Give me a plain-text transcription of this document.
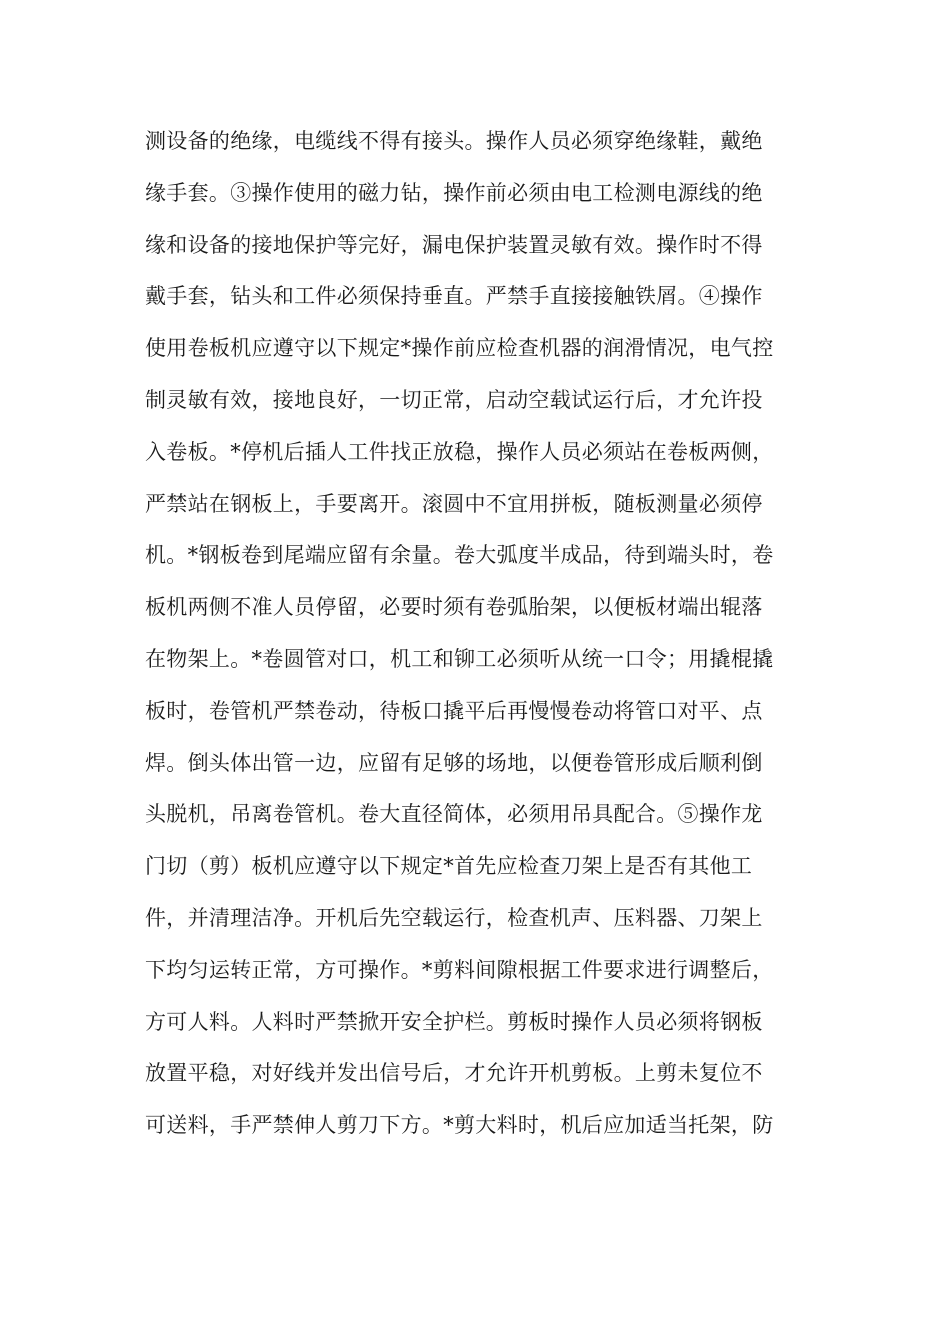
测设备的绝缘，电缆线不得有接头。操作人员必须穿绝缘鞋，戴绝
缘手套。③操作使用的磁力钻，操作前必须由电工检测电源线的绝
缘和设备的接地保护等完好，漏电保护装置灵敏有效。操作时不得
戴手套，钻头和工件必须保持垂直。严禁手直接接触铁屑。④操作
使用卷板机应遵守以下规定*操作前应检查机器的润滑情况，电气控
制灵敏有效，接地良好，一切正常，启动空载试运行后，才允许投
入卷板。*停机后插人工件找正放稳，操作人员必须站在卷板两侧，
严禁站在钢板上，手要离开。滚圆中不宜用拼板，随板测量必须停
机。*钢板卷到尾端应留有余量。卷大弧度半成品，待到端头时，卷
板机两侧不准人员停留，必要时须有卷弧胎架，以便板材端出辊落
在物架上。*卷圆管对口，机工和铆工必须听从统一口令；用撬棍撬
板时，卷管机严禁卷动，待板口撬平后再慢慢卷动将管口对平、点
焊。倒头体出管一边，应留有足够的场地，以便卷管形成后顺利倒
头脱机，吊离卷管机。卷大直径简体，必须用吊具配合。⑤操作龙
门切（剪）板机应遵守以下规定*首先应检查刀架上是否有其他工
件，并清理洁净。开机后先空载运行，检查机声、压料器、刀架上
下均匀运转正常，方可操作。*剪料间隙根据工件要求进行调整后，
方可人料。人料时严禁掀开安全护栏。剪板时操作人员必须将钢板
放置平稳，对好线并发出信号后，才允许开机剪板。上剪未复位不
可送料，手严禁伸人剪刀下方。*剪大料时，机后应加适当托架，防
